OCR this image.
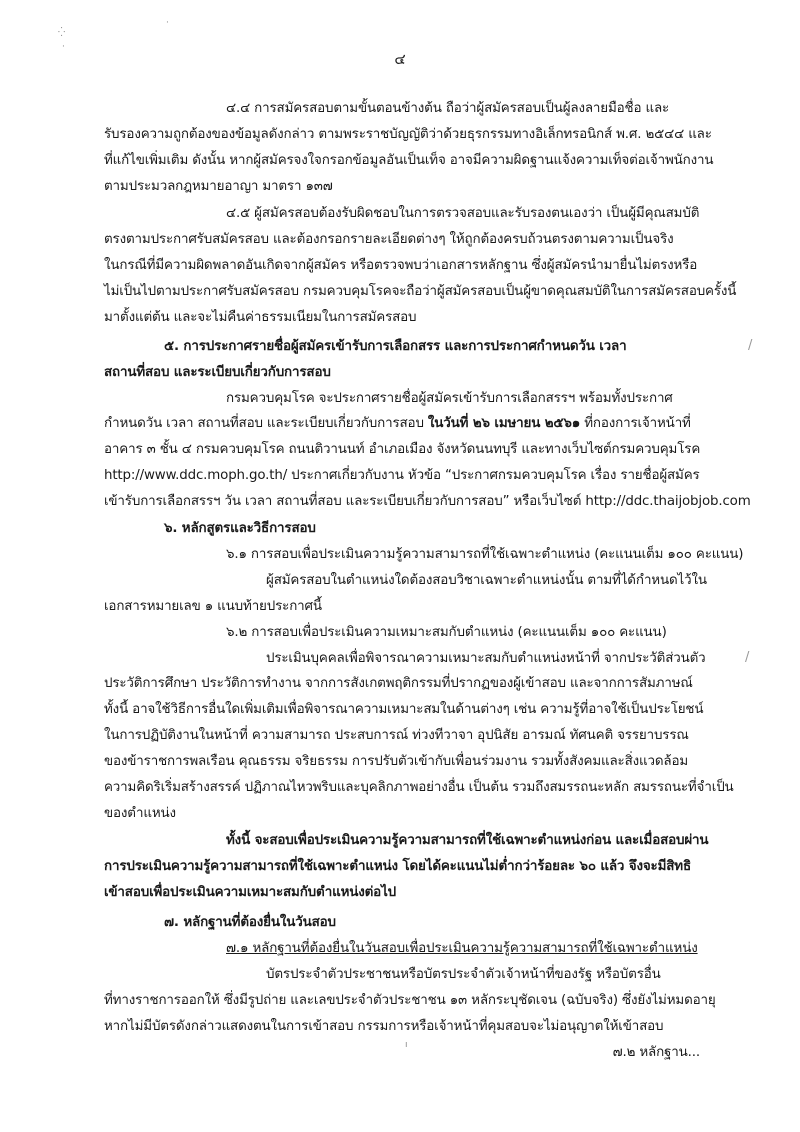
⁛
·
·
/
/
ı
๔
๔.๔ การสมัครสอบตามขั้นตอนข้างต้น ถือว่าผู้สมัครสอบเป็นผู้ลงลายมือชื่อ และ
รับรองความถูกต้องของข้อมูลดังกล่าว ตามพระราชบัญญัติว่าด้วยธุรกรรมทางอิเล็กทรอนิกส์ พ.ศ. ๒๕๔๔ และ
ที่แก้ไขเพิ่มเติม ดังนั้น หากผู้สมัครจงใจกรอกข้อมูลอันเป็นเท็จ อาจมีความผิดฐานแจ้งความเท็จต่อเจ้าพนักงาน
ตามประมวลกฎหมายอาญา มาตรา ๑๓๗
๔.๕ ผู้สมัครสอบต้องรับผิดชอบในการตรวจสอบและรับรองตนเองว่า เป็นผู้มีคุณสมบัติ
ตรงตามประกาศรับสมัครสอบ และต้องกรอกรายละเอียดต่างๆ ให้ถูกต้องครบถ้วนตรงตามความเป็นจริง
ในกรณีที่มีความผิดพลาดอันเกิดจากผู้สมัคร หรือตรวจพบว่าเอกสารหลักฐาน ซึ่งผู้สมัครนำมายื่นไม่ตรงหรือ
ไม่เป็นไปตามประกาศรับสมัครสอบ กรมควบคุมโรคจะถือว่าผู้สมัครสอบเป็นผู้ขาดคุณสมบัติในการสมัครสอบครั้งนี้
มาตั้งแต่ต้น และจะไม่คืนค่าธรรมเนียมในการสมัครสอบ
๕. การประกาศรายชื่อผู้สมัครเข้ารับการเลือกสรร และการประกาศกำหนดวัน เวลา
สถานที่สอบ และระเบียบเกี่ยวกับการสอบ
กรมควบคุมโรค จะประกาศรายชื่อผู้สมัครเข้ารับการเลือกสรรฯ พร้อมทั้งประกาศ
กำหนดวัน เวลา สถานที่สอบ และระเบียบเกี่ยวกับการสอบ ในวันที่ ๒๖ เมษายน ๒๕๖๑ ที่กองการเจ้าหน้าที่
อาคาร ๓ ชั้น ๔ กรมควบคุมโรค ถนนติวานนท์ อำเภอเมือง จังหวัดนนทบุรี และทางเว็บไซต์กรมควบคุมโรค
http://www.ddc.moph.go.th/ ประกาศเกี่ยวกับงาน หัวข้อ “ประกาศกรมควบคุมโรค เรื่อง รายชื่อผู้สมัคร
เข้ารับการเลือกสรรฯ วัน เวลา สถานที่สอบ และระเบียบเกี่ยวกับการสอบ” หรือเว็บไซต์ http://ddc.thaijobjob.com
๖. หลักสูตรและวิธีการสอบ
๖.๑ การสอบเพื่อประเมินความรู้ความสามารถที่ใช้เฉพาะตำแหน่ง (คะแนนเต็ม ๑๐๐ คะแนน)
ผู้สมัครสอบในตำแหน่งใดต้องสอบวิชาเฉพาะตำแหน่งนั้น ตามที่ได้กำหนดไว้ใน
เอกสารหมายเลข ๑ แนบท้ายประกาศนี้
๖.๒ การสอบเพื่อประเมินความเหมาะสมกับตำแหน่ง (คะแนนเต็ม ๑๐๐ คะแนน)
ประเมินบุคคลเพื่อพิจารณาความเหมาะสมกับตำแหน่งหน้าที่ จากประวัติส่วนตัว
ประวัติการศึกษา ประวัติการทำงาน จากการสังเกตพฤติกรรมที่ปรากฏของผู้เข้าสอบ และจากการสัมภาษณ์
ทั้งนี้ อาจใช้วิธีการอื่นใดเพิ่มเติมเพื่อพิจารณาความเหมาะสมในด้านต่างๆ เช่น ความรู้ที่อาจใช้เป็นประโยชน์
ในการปฏิบัติงานในหน้าที่ ความสามารถ ประสบการณ์ ท่วงทีวาจา อุปนิสัย อารมณ์ ทัศนคติ จรรยาบรรณ
ของข้าราชการพลเรือน คุณธรรม จริยธรรม การปรับตัวเข้ากับเพื่อนร่วมงาน รวมทั้งสังคมและสิ่งแวดล้อม
ความคิดริเริ่มสร้างสรรค์ ปฏิภาณไหวพริบและบุคลิกภาพอย่างอื่น เป็นต้น รวมถึงสมรรถนะหลัก สมรรถนะที่จำเป็น
ของตำแหน่ง
ทั้งนี้ จะสอบเพื่อประเมินความรู้ความสามารถที่ใช้เฉพาะตำแหน่งก่อน และเมื่อสอบผ่าน
การประเมินความรู้ความสามารถที่ใช้เฉพาะตำแหน่ง โดยได้คะแนนไม่ต่ำกว่าร้อยละ ๖๐ แล้ว จึงจะมีสิทธิ
เข้าสอบเพื่อประเมินความเหมาะสมกับตำแหน่งต่อไป
๗. หลักฐานที่ต้องยื่นในวันสอบ
๗.๑ หลักฐานที่ต้องยื่นในวันสอบเพื่อประเมินความรู้ความสามารถที่ใช้เฉพาะตำแหน่ง
บัตรประจำตัวประชาชนหรือบัตรประจำตัวเจ้าหน้าที่ของรัฐ หรือบัตรอื่น
ที่ทางราชการออกให้ ซึ่งมีรูปถ่าย และเลขประจำตัวประชาชน ๑๓ หลักระบุชัดเจน (ฉบับจริง) ซึ่งยังไม่หมดอายุ
หากไม่มีบัตรดังกล่าวแสดงตนในการเข้าสอบ กรรมการหรือเจ้าหน้าที่คุมสอบจะไม่อนุญาตให้เข้าสอบ
๗.๒ หลักฐาน...
